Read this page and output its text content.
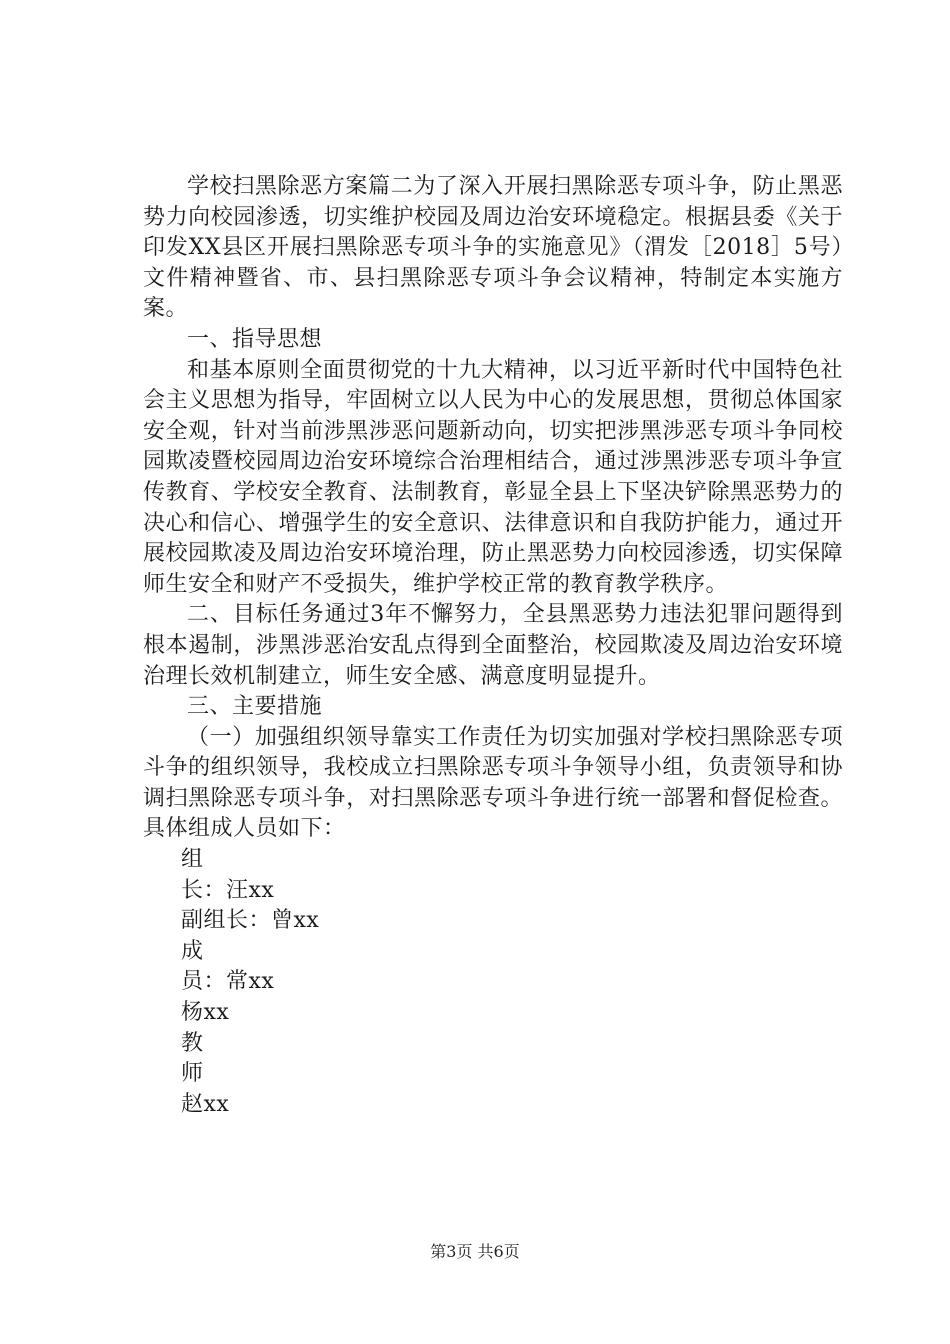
学校扫黑除恶方案篇二为了深入开展扫黑除恶专项斗争，防止黑恶势力向校园渗透，切实维护校园及周边治安环境稳定。根据县委《关于印发XX县区开展扫黑除恶专项斗争的实施意见》（渭发［2018］5号）文件精神暨省、市、县扫黑除恶专项斗争会议精神，特制定本实施方案。

一、指导思想

和基本原则全面贯彻党的十九大精神，以习近平新时代中国特色社会主义思想为指导，牢固树立以人民为中心的发展思想，贯彻总体国家安全观，针对当前涉黑涉恶问题新动向，切实把涉黑涉恶专项斗争同校园欺凌暨校园周边治安环境综合治理相结合，通过涉黑涉恶专项斗争宣传教育、学校安全教育、法制教育，彰显全县上下坚决铲除黑恶势力的决心和信心、增强学生的安全意识、法律意识和自我防护能力，通过开展校园欺凌及周边治安环境治理，防止黑恶势力向校园渗透，切实保障师生安全和财产不受损失，维护学校正常的教育教学秩序。

二、目标任务通过3年不懈努力，全县黑恶势力违法犯罪问题得到根本遏制，涉黑涉恶治安乱点得到全面整治，校园欺凌及周边治安环境治理长效机制建立，师生安全感、满意度明显提升。

三、主要措施

（一）加强组织领导靠实工作责任为切实加强对学校扫黑除恶专项斗争的组织领导，我校成立扫黑除恶专项斗争领导小组，负责领导和协调扫黑除恶专项斗争，对扫黑除恶专项斗争进行统一部署和督促检查。具体组成人员如下：

组
长：汪xx
副组长：曾xx
成
员：常xx
杨xx
教
师
赵xx
第3页 共6页
